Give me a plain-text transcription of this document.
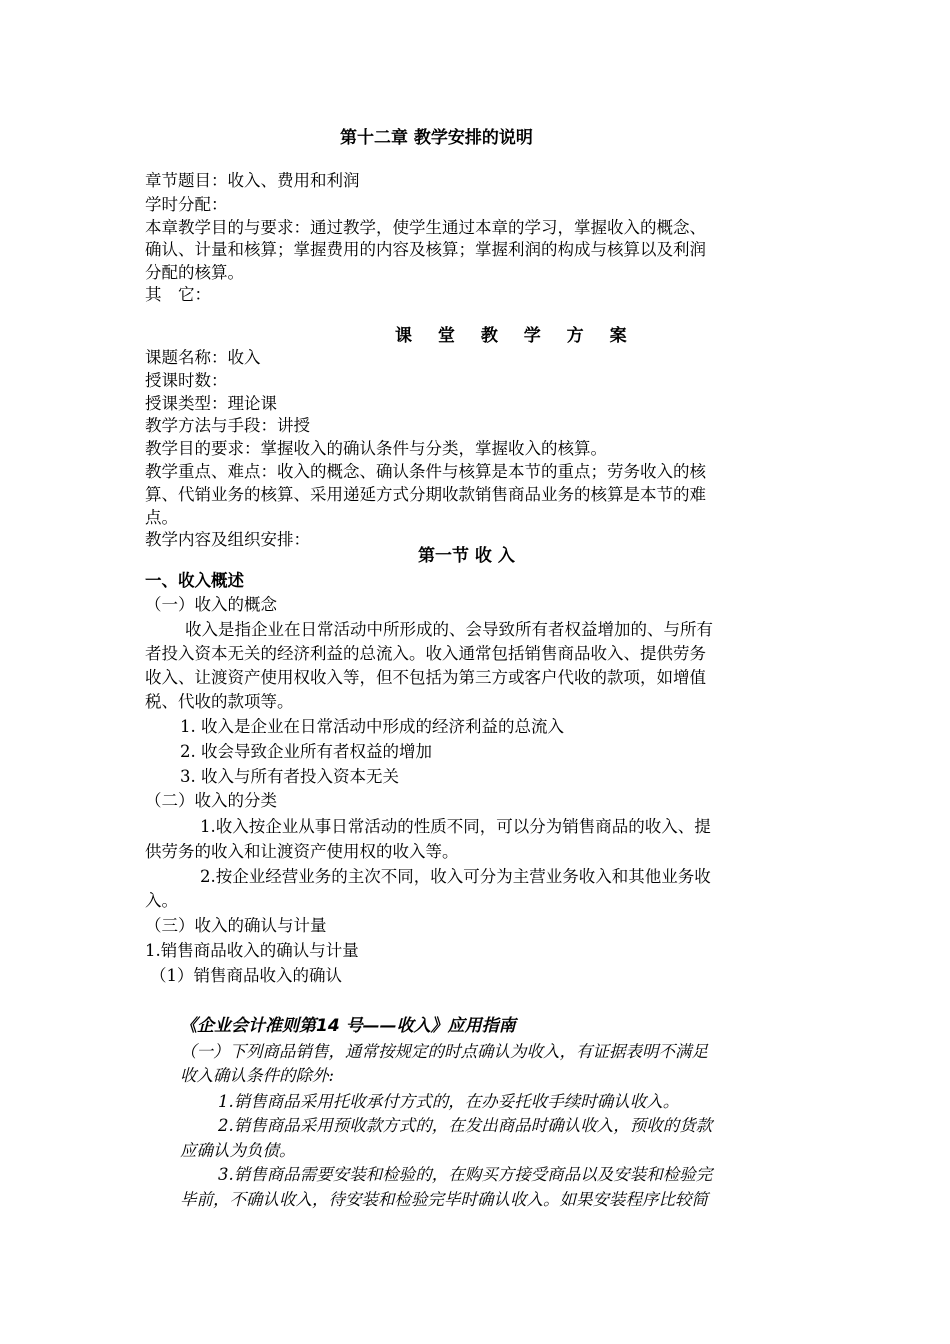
第十二章 教学安排的说明
章节题目：收入、费用和利润
学时分配：
本章教学目的与要求：通过教学，使学生通过本章的学习，掌握收入的概念、
确认、计量和核算；掌握费用的内容及核算；掌握利润的构成与核算以及利润
分配的核算。
其　它：
课 堂 教 学 方 案
课题名称：收入
授课时数：
授课类型：理论课
教学方法与手段：讲授
教学目的要求：掌握收入的确认条件与分类，掌握收入的核算。
教学重点、难点：收入的概念、确认条件与核算是本节的重点；劳务收入的核
算、代销业务的核算、采用递延方式分期收款销售商品业务的核算是本节的难
点。
教学内容及组织安排：
第一节 收 入
一、收入概述
（一）收入的概念
收入是指企业在日常活动中所形成的、会导致所有者权益增加的、与所有
者投入资本无关的经济利益的总流入。收入通常包括销售商品收入、提供劳务
收入、让渡资产使用权收入等，但不包括为第三方或客户代收的款项，如增值
税、代收的款项等。
1. 收入是企业在日常活动中形成的经济利益的总流入
2. 收会导致企业所有者权益的增加
3. 收入与所有者投入资本无关
（二）收入的分类
1.收入按企业从事日常活动的性质不同，可以分为销售商品的收入、提
供劳务的收入和让渡资产使用权的收入等。
2.按企业经营业务的主次不同，收入可分为主营业务收入和其他业务收
入。
（三）收入的确认与计量
1.销售商品收入的确认与计量
（1）销售商品收入的确认
《企业会计准则第14 号——收入》应用指南
（一）下列商品销售，通常按规定的时点确认为收入，有证据表明不满足
收入确认条件的除外:
1.销售商品采用托收承付方式的，在办妥托收手续时确认收入。
2.销售商品采用预收款方式的，在发出商品时确认收入，预收的货款
应确认为负债。
3.销售商品需要安装和检验的，在购买方接受商品以及安装和检验完
毕前，不确认收入，待安装和检验完毕时确认收入。如果安装程序比较简
